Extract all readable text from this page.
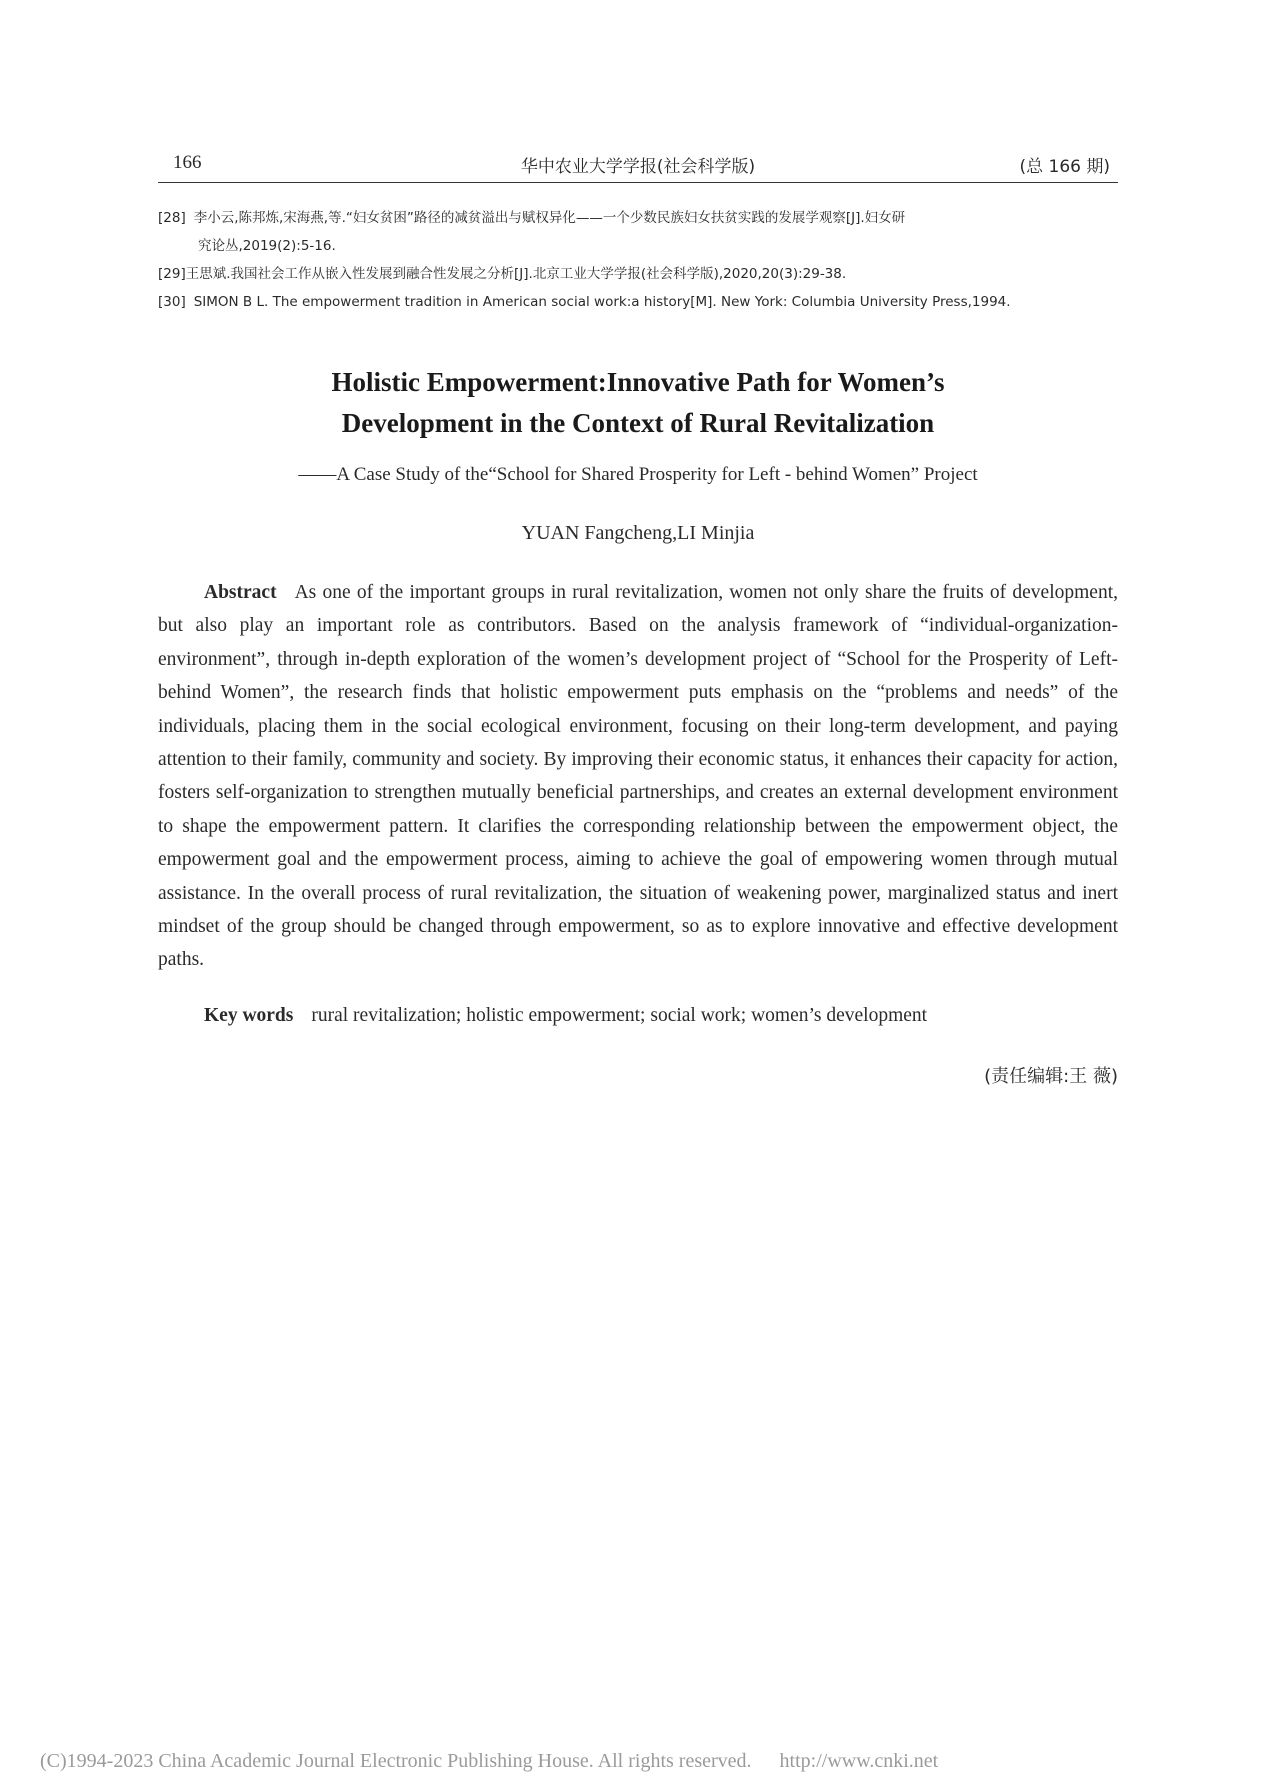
166	华中农业大学学报(社会科学版)	(总 166 期)

[28] 李小云,陈邦炼,宋海燕,等.“妇女贫困”路径的减贫溢出与赋权异化——一个少数民族妇女扶贫实践的发展学观察[J].妇女研
究论丛,2019(2):5-16.

[29]王思斌.我国社会工作从嵌入性发展到融合性发展之分析[J].北京工业大学学报(社会科学版),2020,20(3):29-38.

[30] SIMON B L. The empowerment tradition in American social work:a history[M]. New York: Columbia University Press,1994.

Holistic Empowerment:Innovative Path for Women’s
Development in the Context of Rural Revitalization
——A Case Study of the“School for Shared Prosperity for Left - behind Women” Project
YUAN Fangcheng,LI Minjia
Abstract As one of the important groups in rural revitalization, women not only share the fruits of development, but also play an important role as contributors. Based on the analysis framework of “individual-organization-environment”, through in-depth exploration of the women’s development project of “School for the Prosperity of Left-behind Women”, the research finds that holistic empowerment puts emphasis on the “problems and needs” of the individuals, placing them in the social ecological environment, focusing on their long-term development, and paying attention to their family, community and society. By improving their economic status, it enhances their capacity for action, fosters self-organization to strengthen mutually beneficial partnerships, and creates an external development environment to shape the empowerment pattern. It clarifies the corresponding relationship between the empowerment object, the empowerment goal and the empowerment process, aiming to achieve the goal of empowering women through mutual assistance. In the overall process of rural revitalization, the situation of weakening power, marginalized status and inert mindset of the group should be changed through empowerment, so as to explore innovative and effective development paths.
Key words rural revitalization; holistic empowerment; social work; women’s development
(责任编辑:王 薇)
(C)1994-2023 China Academic Journal Electronic Publishing House. All rights reserved. http://www.cnki.net
